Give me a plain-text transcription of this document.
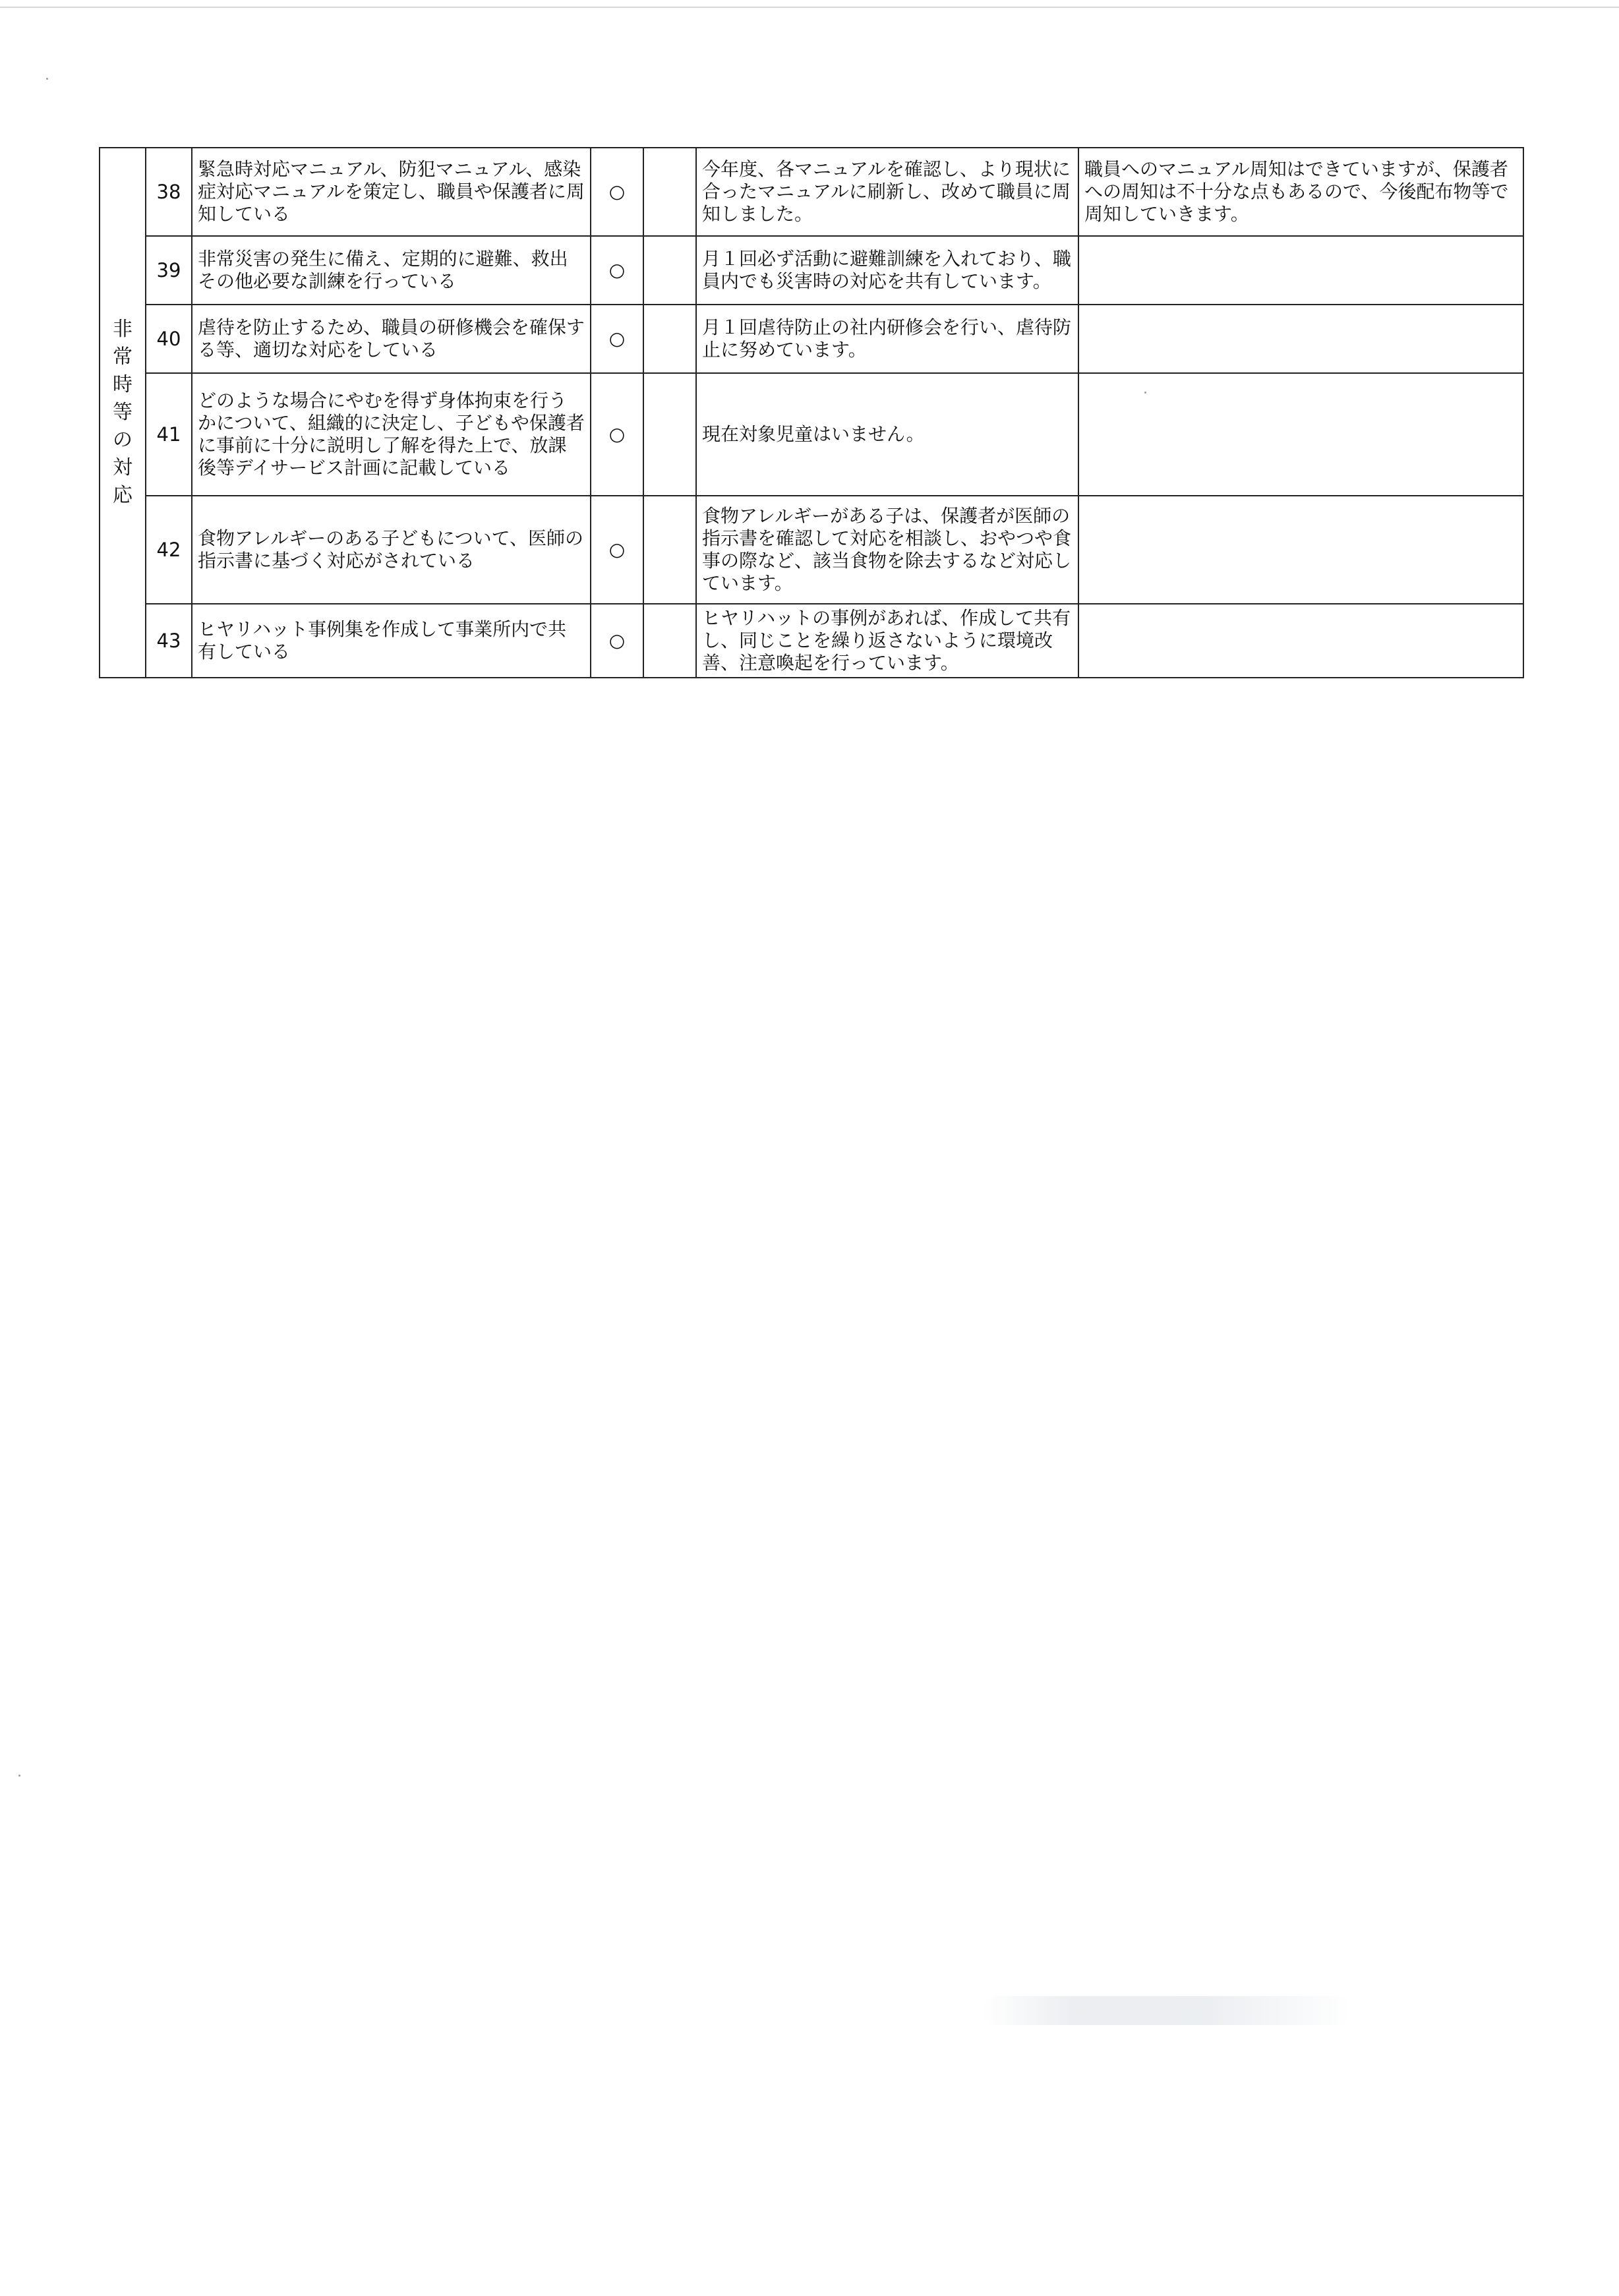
非常時等の対応	38	緊急時対応マニュアル、防犯マニュアル、感染症対応マニュアルを策定し、職員や保護者に周知している	○		今年度、各マニュアルを確認し、より現状に合ったマニュアルに刷新し、改めて職員に周知しました。	職員へのマニュアル周知はできていますが、保護者への周知は不十分な点もあるので、今後配布物等で周知していきます。
	39	非常災害の発生に備え、定期的に避難、救出その他必要な訓練を行っている	○		月１回必ず活動に避難訓練を入れており、職員内でも災害時の対応を共有しています。	
	40	虐待を防止するため、職員の研修機会を確保する等、適切な対応をしている	○		月１回虐待防止の社内研修会を行い、虐待防止に努めています。	
	41	どのような場合にやむを得ず身体拘束を行うかについて、組織的に決定し、子どもや保護者に事前に十分に説明し了解を得た上で、放課後等デイサービス計画に記載している	○		現在対象児童はいません。	
	42	食物アレルギーのある子どもについて、医師の指示書に基づく対応がされている	○		食物アレルギーがある子は、保護者が医師の指示書を確認して対応を相談し、おやつや食事の際など、該当食物を除去するなど対応しています。	
	43	ヒヤリハット事例集を作成して事業所内で共有している	○		ヒヤリハットの事例があれば、作成して共有し、同じことを繰り返さないように環境改善、注意喚起を行っています。	
